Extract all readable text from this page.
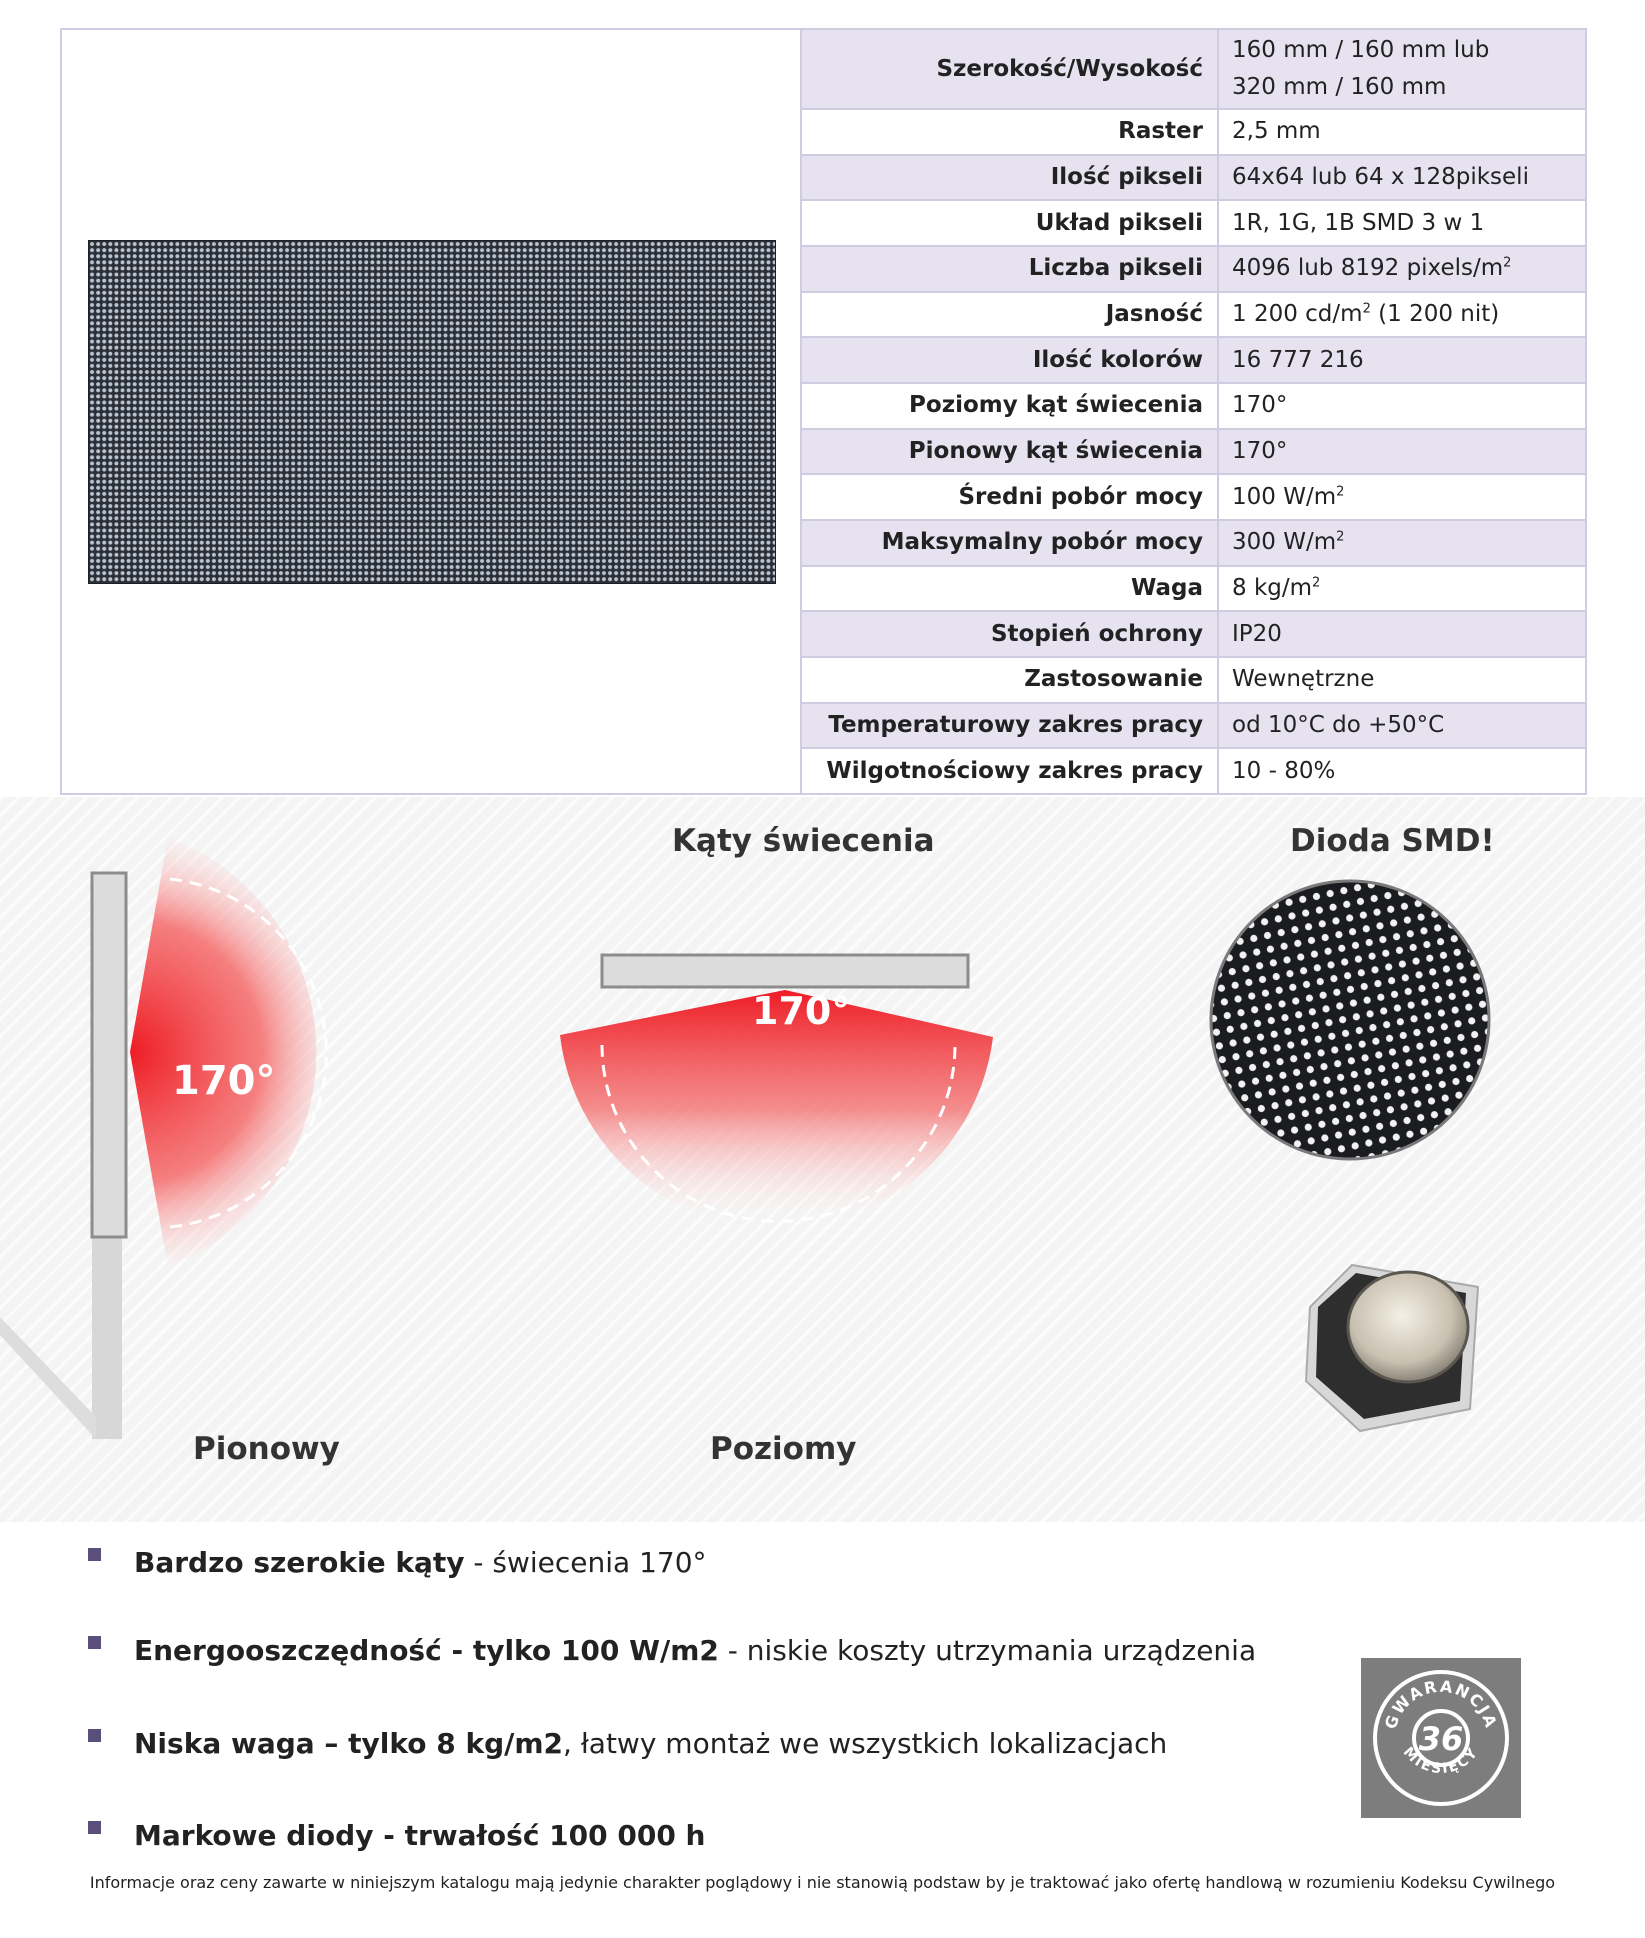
Szerokość/Wysokość	160 mm / 160 mm lub
320 mm / 160 mm

Raster	2,5 mm
Ilość pikseli	64x64 lub 64 x 128pikseli
Układ pikseli	1R, 1G, 1B SMD 3 w 1
Liczba pikseli	4096 lub 8192 pixels/$m^2$
Jasność	1 200 $cd/m^2$ (1 200 nit)
Ilość kolorów	16 777 216
Poziomy kąt świecenia	170°
Pionowy kąt świecenia	170°
Średni pobór mocy	100 $W/m^2$
Maksymalny pobór mocy	300 $W/m^2$
Waga	8 $kg/m^2$
Stopień ochrony	IP20
Zastosowanie	Wewnętrzne
Temperaturowy zakres pracy	od 10°C do +50°C
Wilgotnościowy zakres pracy	10 - 80%
170°
170°
Kąty świecenia	Dioda SMD!
Pionowy	Poziomy
Bardzo szerokie kąty - świecenia 170°
Energooszczędność - tylko 100 W/m2 - niskie koszty utrzymania urządzenia
Niska waga – tylko 8 kg/m2, łatwy montaż we wszystkich lokalizacjach
Markowe diody - trwałość 100 000 h
GWARANCJA
MIESIĘCY
36
Informacje oraz ceny zawarte w niniejszym katalogu mają jedynie charakter poglądowy i nie stanowią podstaw by je traktować jako ofertę handlową w rozumieniu Kodeksu Cywilnego
